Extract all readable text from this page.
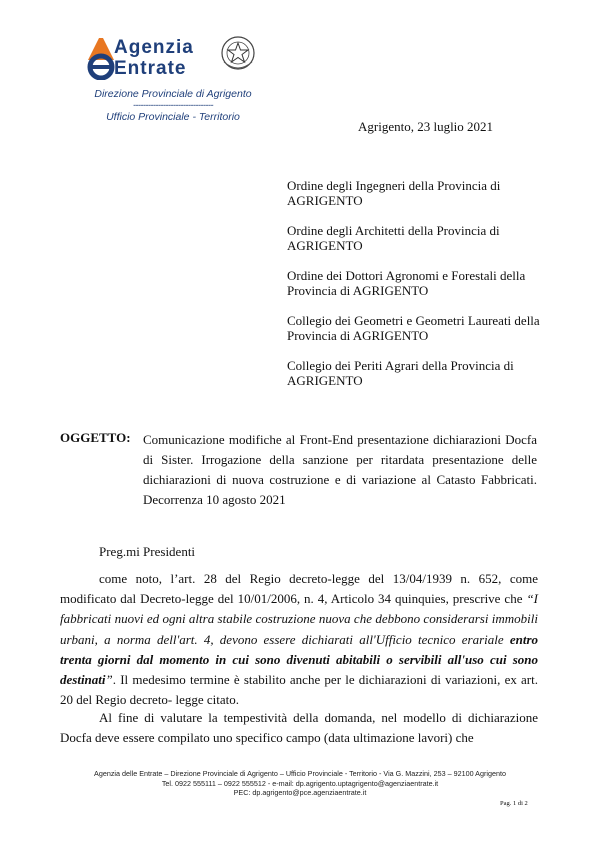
Agenzia
Entrate
Direzione Provinciale di Agrigento
--------------------------------
Ufficio Provinciale - Territorio
Agrigento, 23 luglio 2021
Ordine degli Ingegneri della Provincia di AGRIGENTO
Ordine degli Architetti della Provincia di AGRIGENTO
Ordine dei Dottori Agronomi e Forestali della Provincia di AGRIGENTO
Collegio dei Geometri e Geometri Laureati della Provincia di AGRIGENTO
Collegio dei Periti Agrari della Provincia di AGRIGENTO
OGGETTO: Comunicazione modifiche al Front-End presentazione dichiarazioni Docfa di Sister. Irrogazione della sanzione per ritardata presentazione delle dichiarazioni di nuova costruzione e di variazione al Catasto Fabbricati. Decorrenza 10 agosto 2021
Preg.mi Presidenti
come noto, l’art. 28 del Regio decreto-legge del 13/04/1939 n. 652, come modificato dal Decreto-legge del 10/01/2006, n. 4, Articolo 34 quinquies, prescrive che “I fabbricati nuovi ed ogni altra stabile costruzione nuova che debbono considerarsi immobili urbani, a norma dell'art. 4, devono essere dichiarati all'Ufficio tecnico erariale entro trenta giorni dal momento in cui sono divenuti abitabili o servibili all'uso cui sono destinati”. Il medesimo termine è stabilito anche per le dichiarazioni di variazioni, ex art. 20 del Regio decreto- legge citato.
Al fine di valutare la tempestività della domanda, nel modello di dichiarazione Docfa deve essere compilato uno specifico campo (data ultimazione lavori) che
Agenzia delle Entrate – Direzione Provinciale di Agrigento – Ufficio Provinciale - Territorio - Via G. Mazzini, 253 – 92100 Agrigento
Tel. 0922 555111 – 0922 555512 - e-mail: dp.agrigento.uptagrigento@agenziaentrate.it
PEC: dp.agrigento@pce.agenziaentrate.it
Pag. 1 di 2
